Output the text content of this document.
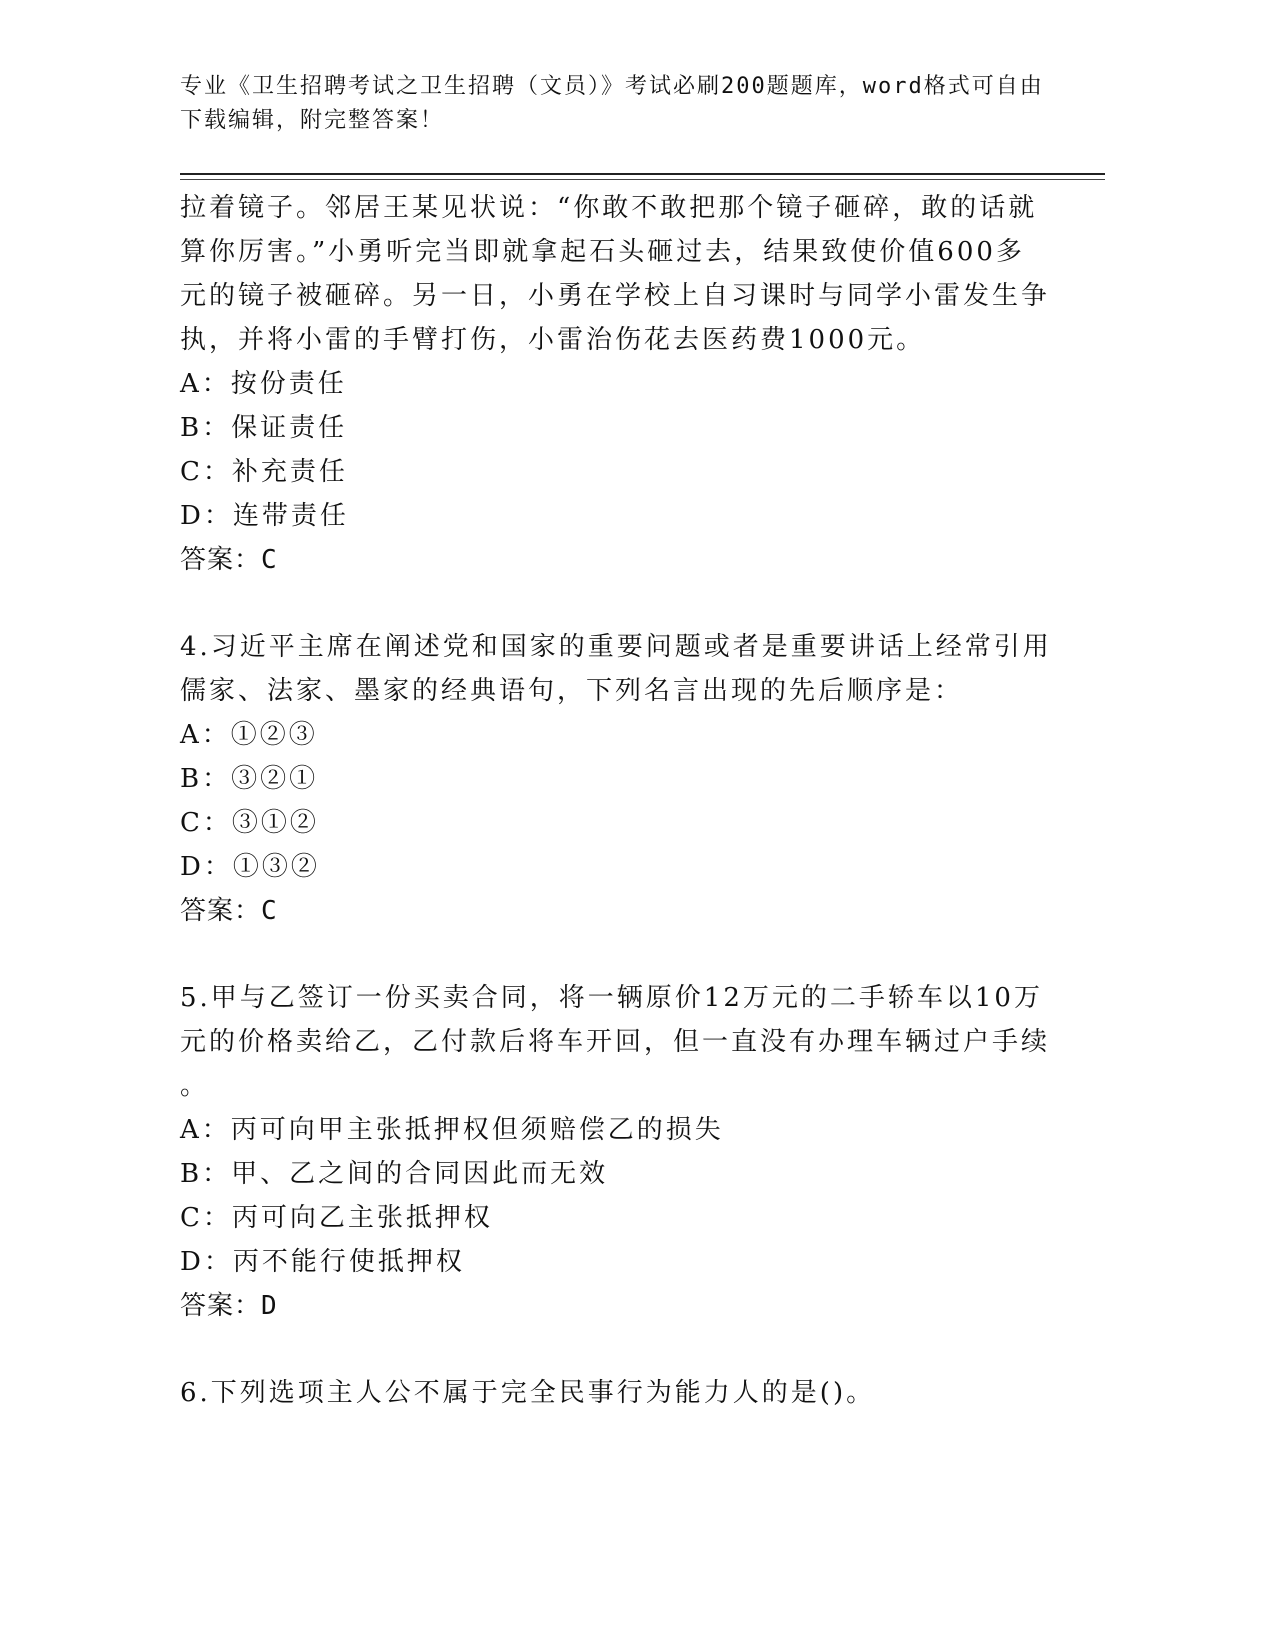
专业《卫生招聘考试之卫生招聘（文员）》考试必刷200题题库，word格式可自由下载编辑，附完整答案！

拉着镜子。邻居王某见状说：“你敢不敢把那个镜子砸碎，敢的话就
算你厉害。”小勇听完当即就拿起石头砸过去，结果致使价值600多
元的镜子被砸碎。另一日，小勇在学校上自习课时与同学小雷发生争
执，并将小雷的手臂打伤，小雷治伤花去医药费1000元。

A：按份责任
B：保证责任
C：补充责任
D：连带责任
答案：C

4.习近平主席在阐述党和国家的重要问题或者是重要讲话上经常引用
儒家、法家、墨家的经典语句，下列名言出现的先后顺序是：

A：①②③
B：③②①
C：③①②
D：①③②
答案：C

5.甲与乙签订一份买卖合同，将一辆原价12万元的二手轿车以10万
元的价格卖给乙，乙付款后将车开回，但一直没有办理车辆过户手续
。

A：丙可向甲主张抵押权但须赔偿乙的损失
B：甲、乙之间的合同因此而无效
C：丙可向乙主张抵押权
D：丙不能行使抵押权
答案：D

6.下列选项主人公不属于完全民事行为能力人的是()。
